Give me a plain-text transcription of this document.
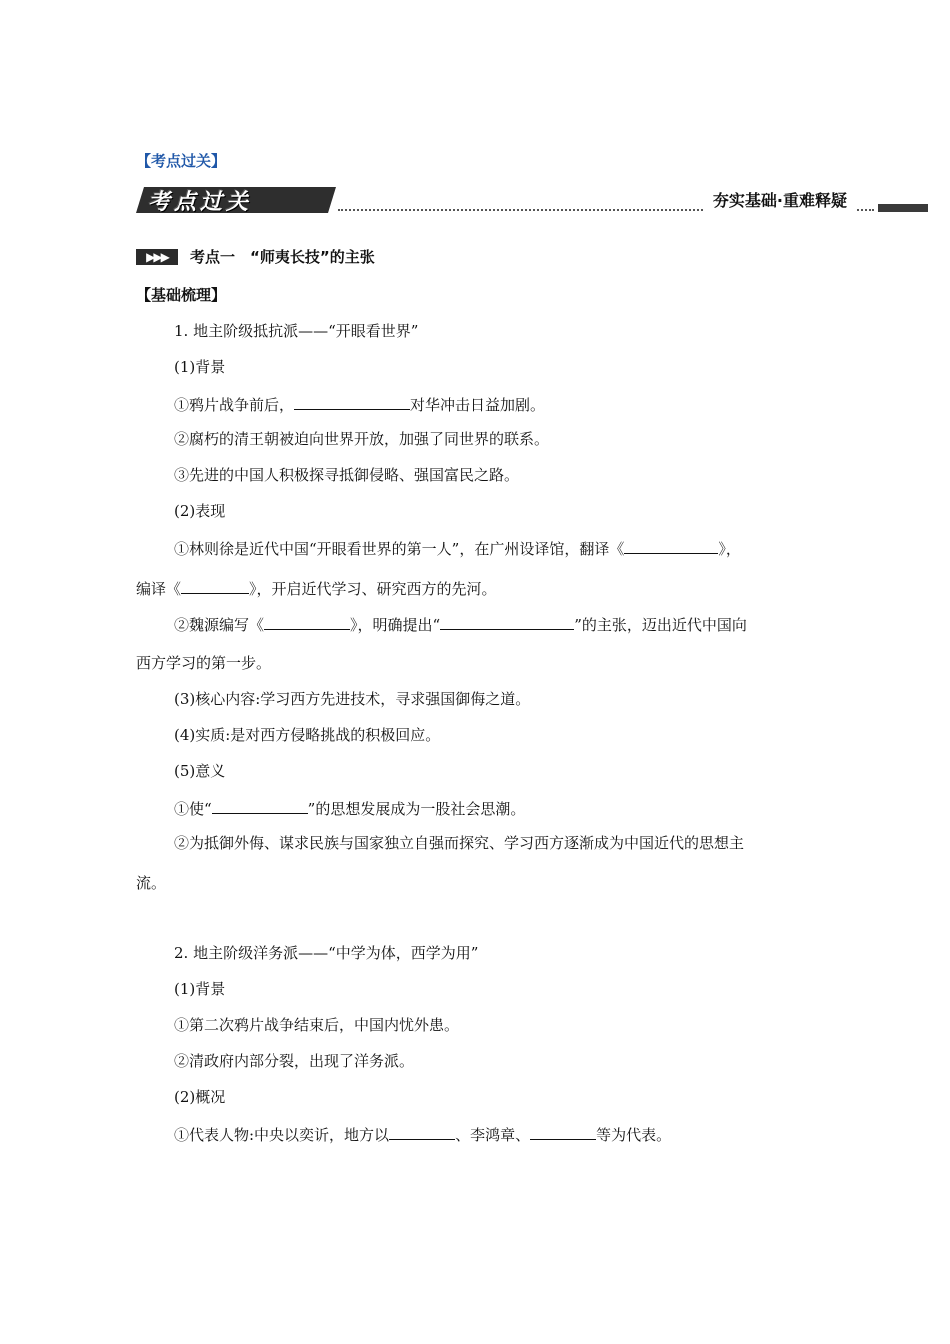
【考点过关】
考点过关	夯实基础·重难释疑
▶▶▶	考点一　“师夷长技”的主张
【基础梳理】
1. 地主阶级抵抗派——“开眼看世界”
(1)背景
①鸦片战争前后，	对华冲击日益加剧。
②腐朽的清王朝被迫向世界开放，加强了同世界的联系。
③先进的中国人积极探寻抵御侵略、强国富民之路。
(2)表现
①林则徐是近代中国“开眼看世界的第一人”，在广州设译馆，翻译《	》，
编译《	》，开启近代学习、研究西方的先河。
②魏源编写《	》，明确提出“	”的主张，迈出近代中国向
西方学习的第一步。
(3)核心内容:学习西方先进技术，寻求强国御侮之道。
(4)实质:是对西方侵略挑战的积极回应。
(5)意义
①使“	”的思想发展成为一股社会思潮。
②为抵御外侮、谋求民族与国家独立自强而探究、学习西方逐渐成为中国近代的思想主
流。
2. 地主阶级洋务派——“中学为体，西学为用”
(1)背景
①第二次鸦片战争结束后，中国内忧外患。
②清政府内部分裂，出现了洋务派。
(2)概况
①代表人物:中央以奕䜣，地方以	、李鸿章、	等为代表。
